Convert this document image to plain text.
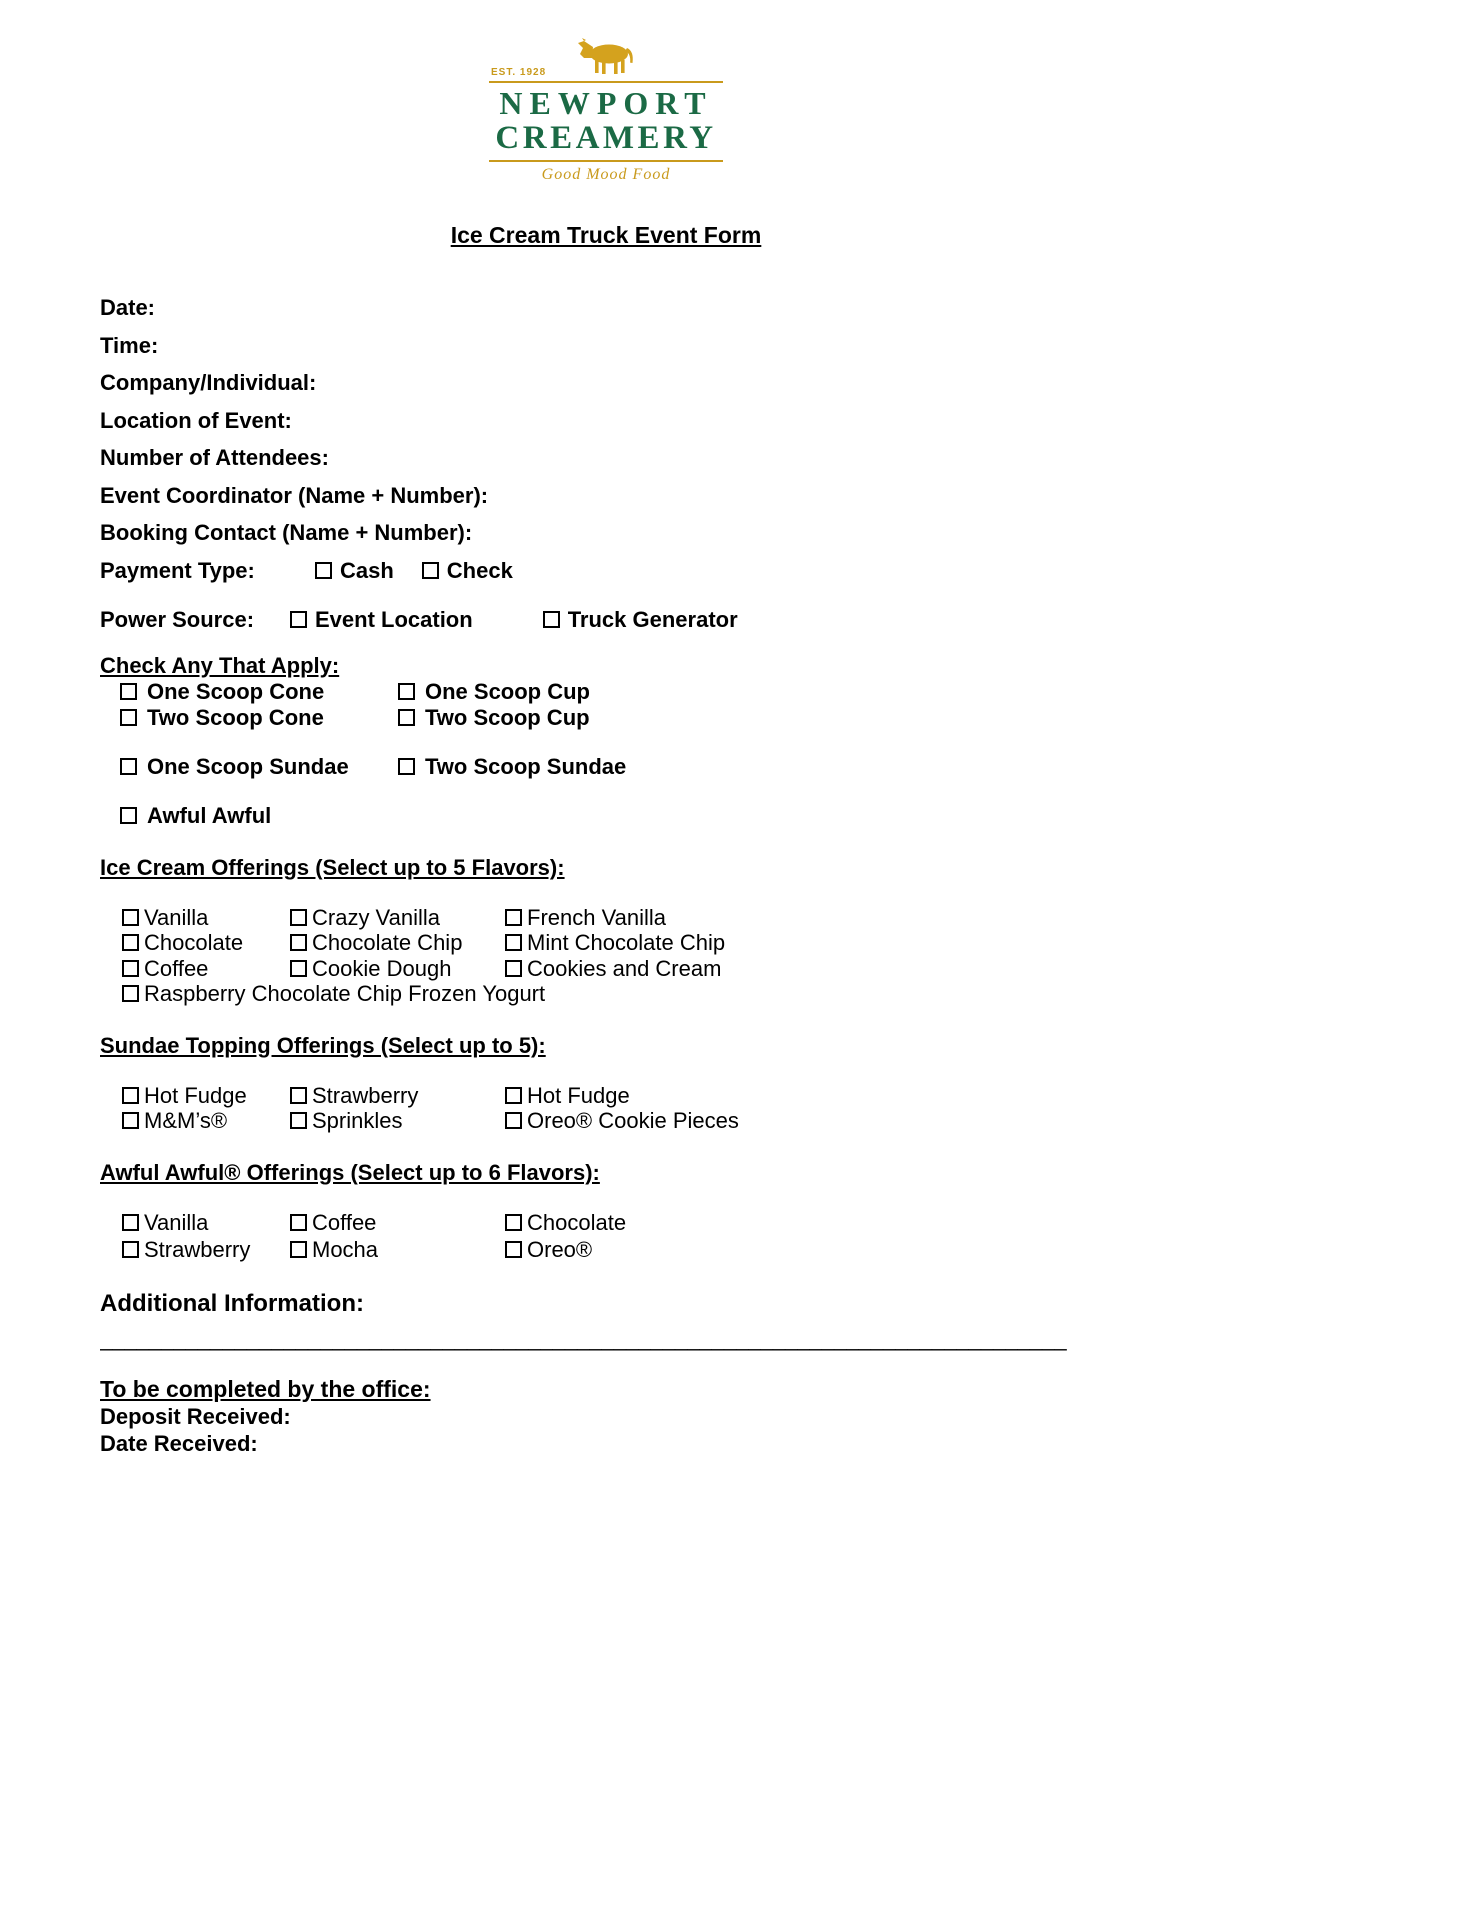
EST. 1928
NEWPORT
CREAMERY
Good Mood Food
Ice Cream Truck Event Form
Date:
Time:
Company/Individual:
Location of Event:
Number of Attendees:
Event Coordinator (Name + Number):
Booking Contact (Name + Number):
Payment Type:	Cash Check
Power Source:	Event Location	Truck Generator
Check Any That Apply:
One Scoop Cone	One Scoop Cup
Two Scoop Cone	Two Scoop Cup
One Scoop Sundae	Two Scoop Sundae
Awful Awful
Ice Cream Offerings (Select up to 5 Flavors):
Vanilla	Crazy Vanilla	French Vanilla
Chocolate	Chocolate Chip	Mint Chocolate Chip
Coffee	Cookie Dough	Cookies and Cream
Raspberry Chocolate Chip Frozen Yogurt
Sundae Topping Offerings (Select up to 5):
Hot Fudge	Strawberry	Hot Fudge
M&M’s®	Sprinkles	Oreo® Cookie Pieces
Awful Awful® Offerings (Select up to 6 Flavors):
Vanilla	Coffee	Chocolate
Strawberry	Mocha	Oreo®
Additional Information:
_______________________________________________________________________________
To be completed by the office:
Deposit Received:
Date Received:
